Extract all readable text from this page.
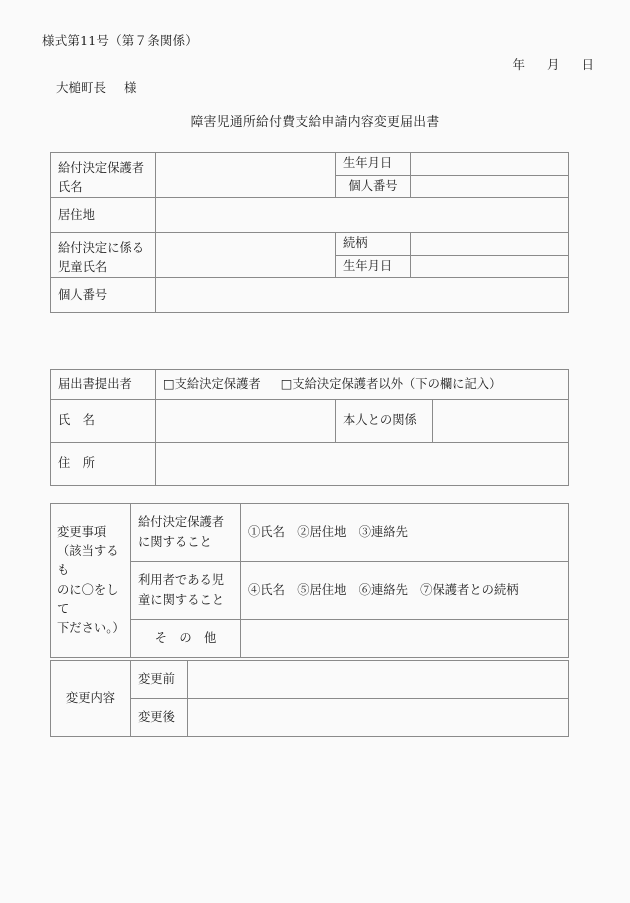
様式第11号（第７条関係）
年 月 日
大槌町長 様
障害児通所給付費支給申請内容変更届出書
給付決定保護者氏名		生年月日	
		個人番号	
居住地			
給付決定に係る児童氏名		続柄	
		生年月日	
個人番号			
届出書提出者	□支給決定保護者 □支給決定保護者以外（下の欄に記入）		
氏　名		本人との関係	
住　所			
変更事項
（該当するも
のに〇をして
下ださい。）	給付決定保護者に関すること	①氏名　②居住地　③連絡先
	利用者である児童に関すること	④氏名　⑤居住地　⑥連絡先　⑦保護者との続柄
	そ　の　他	
変更内容	変更前	
	変更後	
